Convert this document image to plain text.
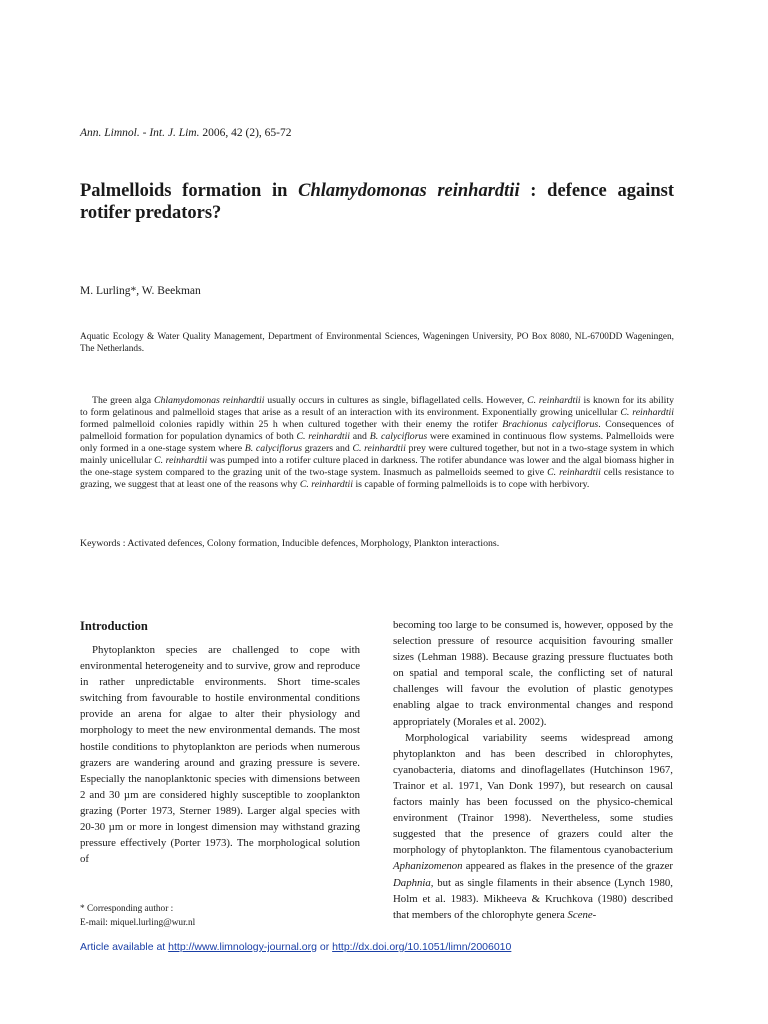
Ann. Limnol. - Int. J. Lim. 2006, 42 (2), 65-72
Palmelloids formation in Chlamydomonas reinhardtii : defence against rotifer predators?
M. Lurling*, W. Beekman

Aquatic Ecology & Water Quality Management, Department of Environmental Sciences, Wageningen University, PO Box 8080, NL-6700DD Wageningen, The Netherlands.

The green alga Chlamydomonas reinhardtii usually occurs in cultures as single, biflagellated cells. However, C. reinhardtii is known for its ability to form gelatinous and palmelloid stages that arise as a result of an interaction with its environment. Exponentially growing unicellular C. reinhardtii formed palmelloid colonies rapidly within 25 h when cultured together with their enemy the rotifer Brachionus calyciflorus. Consequences of palmelloid formation for population dynamics of both C. reinhardtii and B. calyciflorus were examined in continuous flow systems. Palmelloids were only formed in a one-stage system where B. calyciflorus grazers and C. reinhardtii prey were cultured together, but not in a two-stage system in which mainly unicellular C. reinhardtii was pumped into a rotifer culture placed in darkness. The rotifer abundance was lower and the algal biomass higher in the one-stage system compared to the grazing unit of the two-stage system. Inasmuch as palmelloids seemed to give C. reinhardtii cells resistance to grazing, we suggest that at least one of the reasons why C. reinhardtii is capable of forming palmelloids is to cope with herbivory.

Keywords : Activated defences, Colony formation, Inducible defences, Morphology, Plankton interactions.
Introduction

Phytoplankton species are challenged to cope with environmental heterogeneity and to survive, grow and reproduce in rather unpredictable environments. Short time-scales switching from favourable to hostile environmental conditions provide an arena for algae to alter their physiology and morphology to meet the new environmental demands. The most hostile conditions to phytoplankton are periods when numerous grazers are wandering around and grazing pressure is severe. Especially the nanoplanktonic species with dimensions between 2 and 30 µm are considered highly susceptible to zooplankton grazing (Porter 1973, Sterner 1989). Larger algal species with 20-30 µm or more in longest dimension may withstand grazing pressure effectively (Porter 1973). The morphological solution of

becoming too large to be consumed is, however, opposed by the selection pressure of resource acquisition favouring smaller sizes (Lehman 1988). Because grazing pressure fluctuates both on spatial and temporal scale, the conflicting set of natural challenges will favour the evolution of plastic genotypes enabling algae to track environmental changes and respond appropriately (Morales et al. 2002).

Morphological variability seems widespread among phytoplankton and has been described in chlorophytes, cyanobacteria, diatoms and dinoflagellates (Hutchinson 1967, Trainor et al. 1971, Van Donk 1997), but research on causal factors mainly has been focussed on the physico-chemical environment (Trainor 1998). Nevertheless, some studies suggested that the presence of grazers could alter the morphology of phytoplankton. The filamentous cyanobacterium Aphanizomenon appeared as flakes in the presence of the grazer Daphnia, but as single filaments in their absence (Lynch 1980, Holm et al. 1983). Mikheeva & Kruchkova (1980) described that members of the chlorophyte genera Scene-

* Corresponding author :
E-mail: miquel.lurling@wur.nl
Article available at http://www.limnology-journal.org or http://dx.doi.org/10.1051/limn/2006010
